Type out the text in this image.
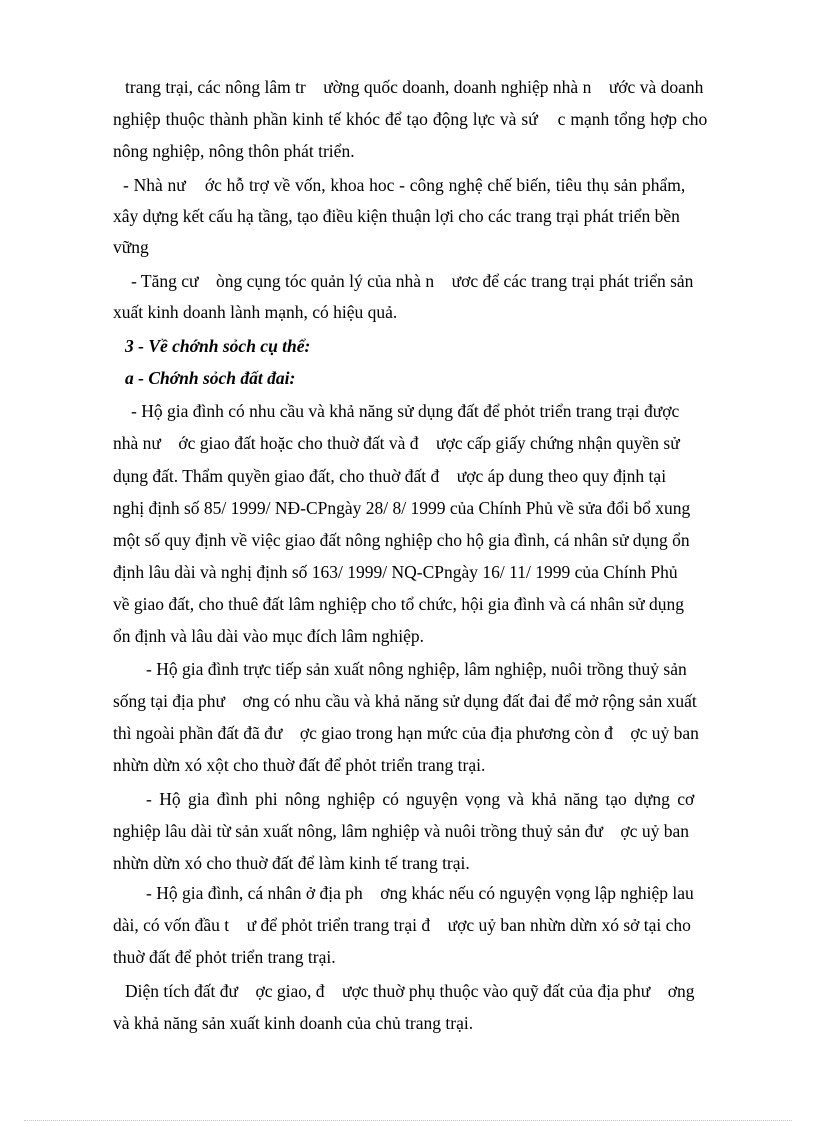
trang trại, các nông lâm tr    ường quốc doanh, doanh nghiệp nhà n    ước và doanh
nghiệp thuộc thành phần kinh tế khóc để tạo động lực và sứ    c mạnh tổng hợp cho
nông nghiệp, nông thôn phát triển.
- Nhà nư    ớc hỗ trợ về vốn, khoa hoc - công nghệ chế biến, tiêu thụ sản phẩm,
xây dựng kết cấu hạ tầng, tạo điều kiện thuận lợi cho các trang trại phát triển bền
vững
- Tăng cư    òng cụng tóc quản lý của nhà n    ươc để các trang trại phát triển sản
xuất kinh doanh lành mạnh, có hiệu quả.
3 - Về chớnh sỏch cụ thể:
a - Chớnh sỏch đất đai:
- Hộ gia đình có nhu cầu và khả năng sử dụng đất để phỏt triển trang trại được
nhà nư    ớc giao đất hoặc cho thuờ đất và đ    ược cấp giấy chứng nhận quyền sử
dụng đất. Thẩm quyền giao đất, cho thuờ đất đ    ược áp dung theo quy định tại
nghị định số 85/ 1999/ NĐ-CPngày 28/ 8/ 1999 của Chính Phủ về sửa đổi bổ xung
một số quy định về việc giao đất nông nghiệp cho hộ gia đình, cá nhân sử dụng ổn
định lâu dài và nghị định số 163/ 1999/ NQ-CPngày 16/ 11/ 1999 của Chính Phủ
về giao đất, cho thuê đất lâm nghiệp cho tổ chức, hội gia đình và cá nhân sử dụng
ổn định và lâu dài vào mục đích lâm nghiệp.
- Hộ gia đình trực tiếp sản xuất nông nghiệp, lâm nghiệp, nuôi trồng thuỷ sản
sống tại địa phư    ơng có nhu cầu và khả năng sử dụng đất đai để mở rộng sản xuất
thì ngoài phần đất đã đư    ợc giao trong hạn mức của địa phương còn đ    ợc uỷ ban
nhừn dừn xó xột cho thuờ đất để phỏt triển trang trại.
- Hộ gia đình phi nông nghiệp có nguyện vọng và khả năng tạo dựng cơ
nghiệp lâu dài từ sản xuất nông, lâm nghiệp và nuôi trồng thuỷ sản đư    ợc uỷ ban
nhừn dừn xó cho thuờ đất để làm kinh tế trang trại.
- Hộ gia đình, cá nhân ở địa ph    ơng khác nếu có nguyện vọng lập nghiệp lau
dài, có vốn đầu t    ư để phỏt triển trang trại đ    ược uỷ ban nhừn dừn xó sở tại cho
thuờ đất để phỏt triển trang trại.
Diện tích đất đư    ợc giao, đ    ược thuờ phụ thuộc vào quỹ đất của địa phư    ơng
và khả năng sản xuất kinh doanh của chủ trang trại.
